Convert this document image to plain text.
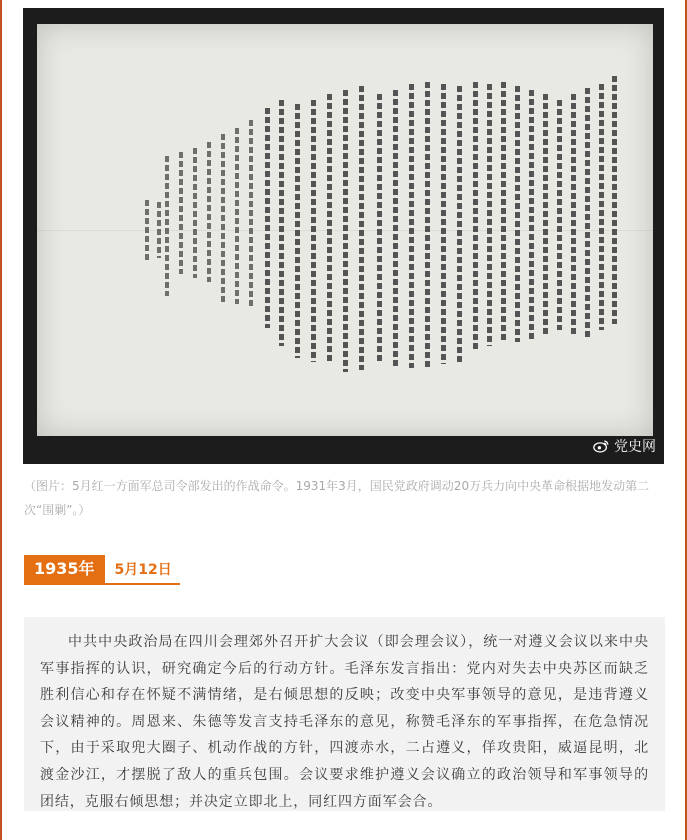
党史网

（图片：5月红一方面军总司令部发出的作战命令。1931年3月，国民党政府调动20万兵力向中央革命根据地发动第二次“围剿”。）

1935年	5月12日

中共中央政治局在四川会理郊外召开扩大会议（即会理会议），统一对遵义会议以来中央军事指挥的认识，研究确定今后的行动方针。毛泽东发言指出：党内对失去中央苏区而缺乏胜利信心和存在怀疑不满情绪，是右倾思想的反映；改变中央军事领导的意见，是违背遵义会议精神的。周恩来、朱德等发言支持毛泽东的意见，称赞毛泽东的军事指挥，在危急情况下，由于采取兜大圈子、机动作战的方针，四渡赤水，二占遵义，佯攻贵阳，威逼昆明，北渡金沙江，才摆脱了敌人的重兵包围。会议要求维护遵义会议确立的政治领导和军事领导的团结，克服右倾思想；并决定立即北上，同红四方面军会合。
